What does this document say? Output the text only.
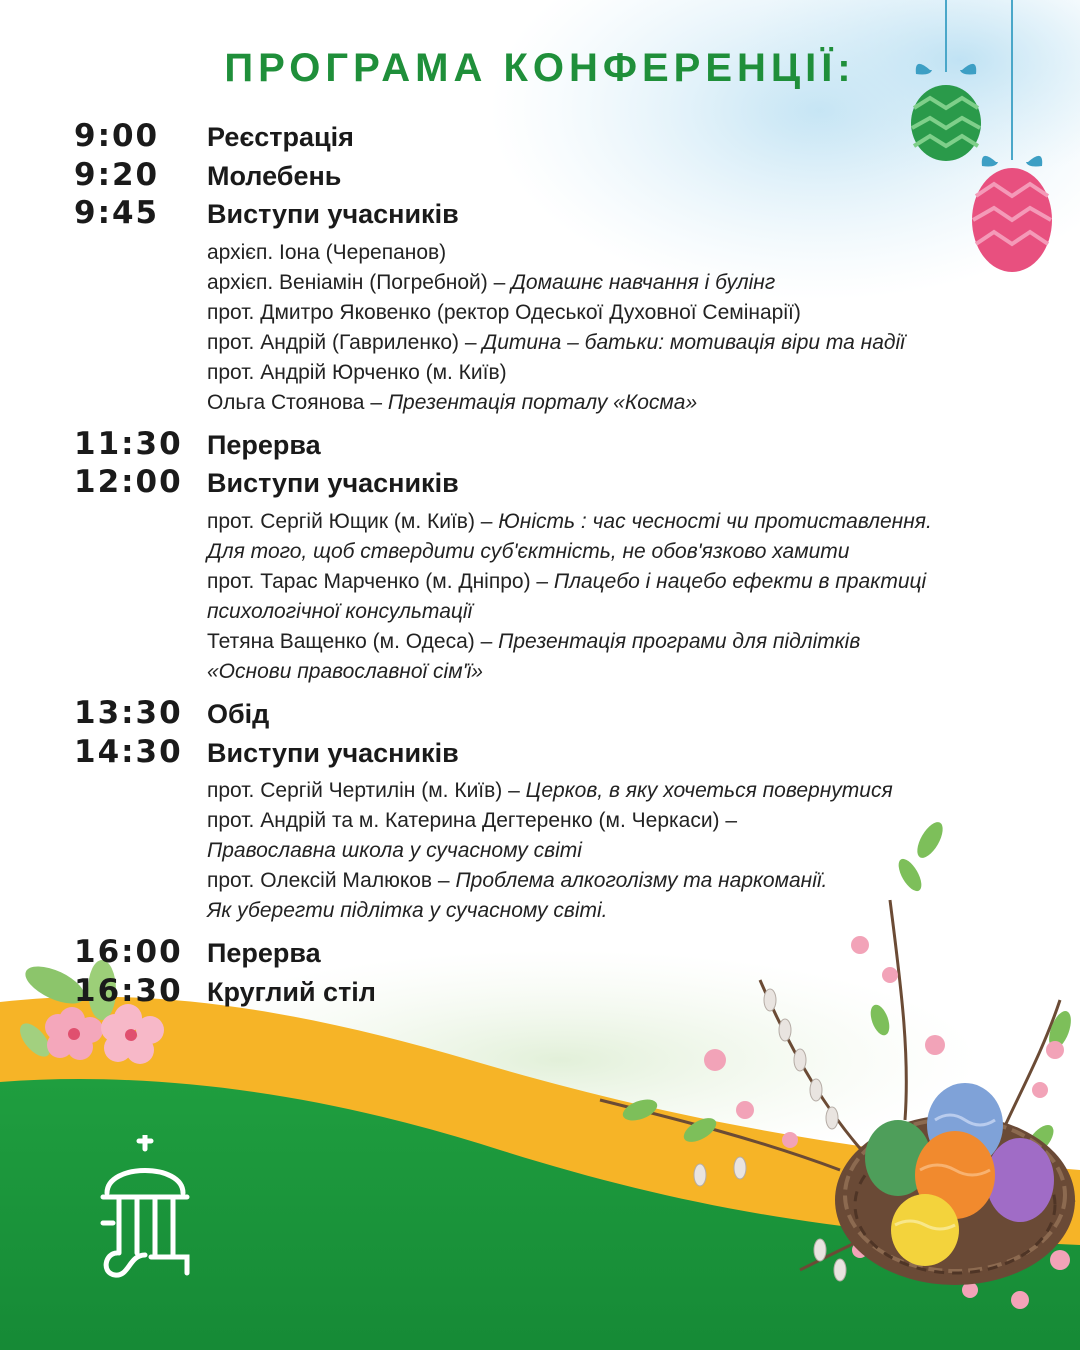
ПРОГРАМА КОНФЕРЕНЦІЇ:
9:00	Реєстрація
9:20	Молебень
9:45	Виступи учасників
архієп. Іона (Черепанов)
архієп. Веніамін (Погребной) – Домашнє навчання і булінг
прот. Дмитро Яковенко (ректор Одеської Духовної Семінарії)
прот. Андрій (Гавриленко) – Дитина – батьки: мотивація віри та надії
прот. Андрій Юрченко (м. Київ)
Ольга Стоянова – Презентація порталу «Косма»
11:30 Перерва
12:00 Виступи учасників
прот. Сергій Ющик (м. Київ) – Юність : час чесності чи протиставлення.
Для того, щоб ствердити суб'єктність, не обов'язково хамити
прот. Тарас Марченко (м. Дніпро) – Плацебо і нацебо ефекти в практиці
психологічної консультації
Тетяна Ващенко (м. Одеса) – Презентація програми для підлітків
«Основи православної сім'ї»
13:30 Обід
14:30 Виступи учасників
прот. Сергій Чертилін (м. Київ) – Церков, в яку хочеться повернутися
прот. Андрій та м. Катерина Дегтеренко (м. Черкаси) –
Православна школа у сучасному світі
прот. Олексій Малюков – Проблема алкоголізму та наркоманії.
Як уберегти підлітка у сучасному світі.
16:00 Перерва
16:30 Круглий стіл
